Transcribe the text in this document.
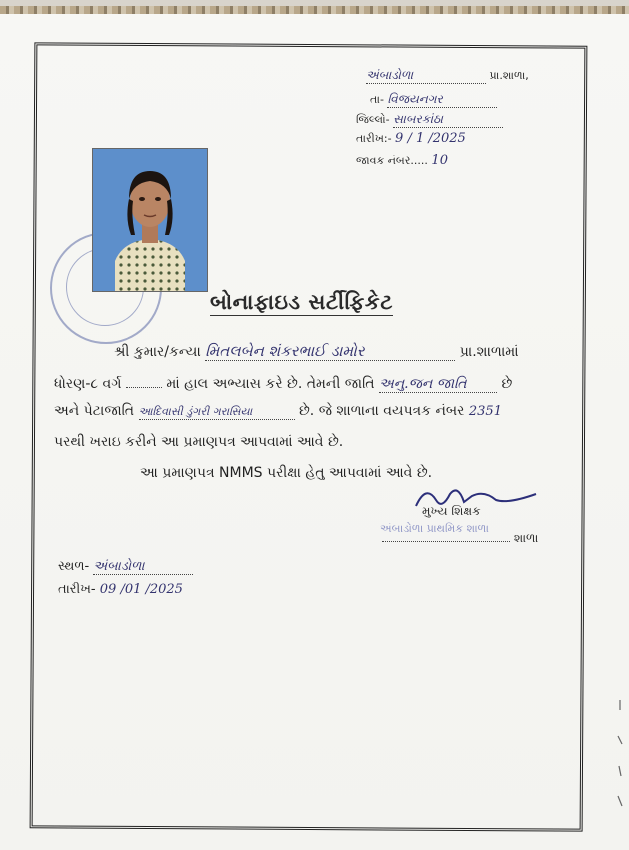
અંબાડોળા	પ્રા.શાળા,
તા- વિજયનગર
જિલ્લો- સાબરકાંઠા
તારીખ:- 9 / 1 /2025
જાવક નંબર..... 10
બોનાફાઇડ સર્ટીફિકેટ
શ્રી કુમાર/કન્યા મિતલબેન શંકરભાઈ ડામોર	પ્રા.શાળામાં
ધોરણ-૮ વર્ગ	માં હાલ અભ્યાસ કરે છે. તેમની જાતિ અનુ.જન જાતિ છે
અને પેટાજાતિ આદિવાસી ડુંગરી ગરાસિયા	છે. જે શાળાના વયપત્રક નંબર 2351
પરથી ખરાઇ કરીને આ પ્રમાણપત્ર આપવામાં આવે છે.
આ પ્રમાણપત્ર NMMS પરીક્ષા હેતુ આપવામાં આવે છે.
મુખ્ય શિક્ષક
અંબાડોળા પ્રાથમિક શાળા
શાળા
સ્થળ- અંબાડોળા
તારીખ- 09 /01 /2025
